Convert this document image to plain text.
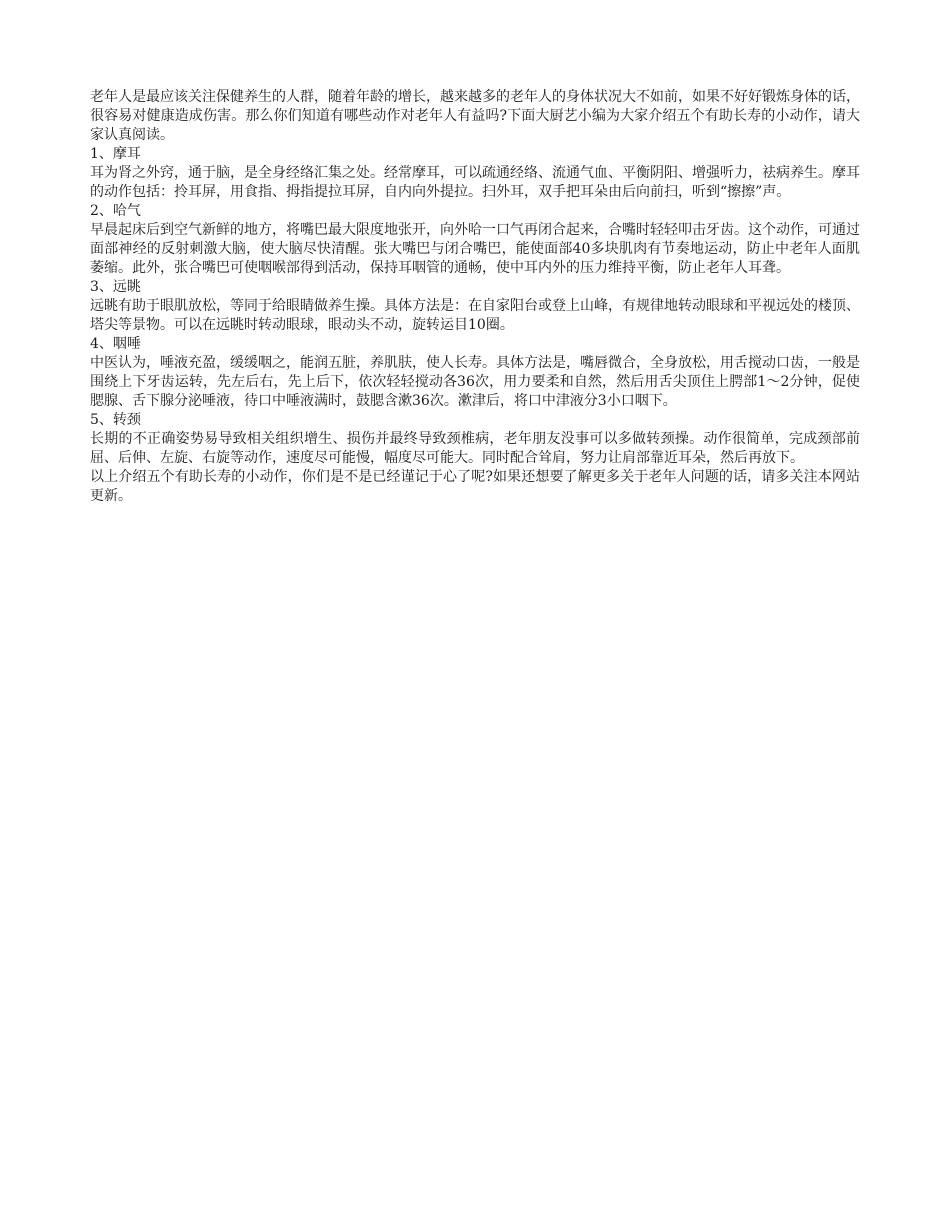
老年人是最应该关注保健养生的人群，随着年龄的增长，越来越多的老年人的身体状况大不如前，如果不好好锻炼身体的话，很容易对健康造成伤害。那么你们知道有哪些动作对老年人有益吗?下面大厨艺小编为大家介绍五个有助长寿的小动作，请大家认真阅读。

1、摩耳

耳为肾之外窍，通于脑，是全身经络汇集之处。经常摩耳，可以疏通经络、流通气血、平衡阴阳、增强听力，祛病养生。摩耳的动作包括：拎耳屏，用食指、拇指提拉耳屏，自内向外提拉。扫外耳，双手把耳朵由后向前扫，听到“擦擦”声。

2、哈气

早晨起床后到空气新鲜的地方，将嘴巴最大限度地张开，向外哈一口气再闭合起来，合嘴时轻轻叩击牙齿。这个动作，可通过面部神经的反射刺激大脑，使大脑尽快清醒。张大嘴巴与闭合嘴巴，能使面部40多块肌肉有节奏地运动，防止中老年人面肌萎缩。此外，张合嘴巴可使咽喉部得到活动，保持耳咽管的通畅，使中耳内外的压力维持平衡，防止老年人耳聋。

3、远眺

远眺有助于眼肌放松，等同于给眼睛做养生操。具体方法是：在自家阳台或登上山峰，有规律地转动眼球和平视远处的楼顶、塔尖等景物。可以在远眺时转动眼球，眼动头不动，旋转运目10圈。

4、咽唾

中医认为，唾液充盈，缓缓咽之，能润五脏，养肌肤，使人长寿。具体方法是，嘴唇微合，全身放松，用舌搅动口齿，一般是围绕上下牙齿运转，先左后右，先上后下，依次轻轻搅动各36次，用力要柔和自然，然后用舌尖顶住上腭部1～2分钟，促使腮腺、舌下腺分泌唾液，待口中唾液满时，鼓腮含漱36次。漱津后，将口中津液分3小口咽下。

5、转颈

长期的不正确姿势易导致相关组织增生、损伤并最终导致颈椎病，老年朋友没事可以多做转颈操。动作很简单，完成颈部前屈、后伸、左旋、右旋等动作，速度尽可能慢，幅度尽可能大。同时配合耸肩，努力让肩部靠近耳朵，然后再放下。

以上介绍五个有助长寿的小动作，你们是不是已经谨记于心了呢?如果还想要了解更多关于老年人问题的话，请多关注本网站更新。
